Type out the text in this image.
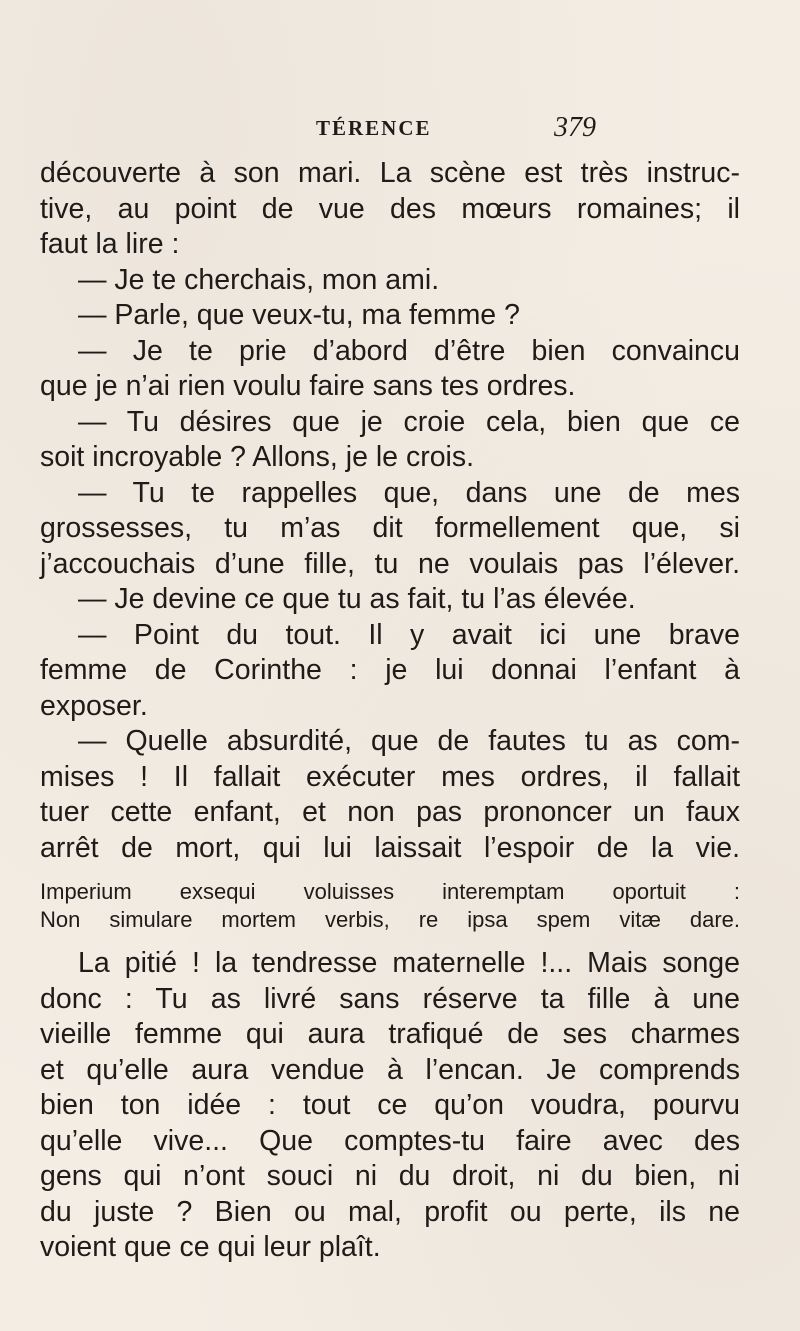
TÉRENCE	379
découverte à son mari. La scène est très instruc-
tive, au point de vue des mœurs romaines; il
faut la lire :
— Je te cherchais, mon ami.
— Parle, que veux-tu, ma femme ?
— Je te prie d’abord d’être bien convaincu
que je n’ai rien voulu faire sans tes ordres.
— Tu désires que je croie cela, bien que ce
soit incroyable ? Allons, je le crois.
— Tu te rappelles que, dans une de mes
grossesses, tu m’as dit formellement que, si
j’accouchais d’une fille, tu ne voulais pas l’élever.
— Je devine ce que tu as fait, tu l’as élevée.
— Point du tout. Il y avait ici une brave
femme de Corinthe : je lui donnai l’enfant à
exposer.
— Quelle absurdité, que de fautes tu as com-
mises ! Il fallait exécuter mes ordres, il fallait
tuer cette enfant, et non pas prononcer un faux
arrêt de mort, qui lui laissait l’espoir de la vie.
Imperium exsequi voluisses interemptam oportuit :
Non simulare mortem verbis, re ipsa spem vitæ dare.
La pitié ! la tendresse maternelle !... Mais songe
donc : Tu as livré sans réserve ta fille à une
vieille femme qui aura trafiqué de ses charmes
et qu’elle aura vendue à l’encan. Je comprends
bien ton idée : tout ce qu’on voudra, pourvu
qu’elle vive... Que comptes-tu faire avec des
gens qui n’ont souci ni du droit, ni du bien, ni
du juste ? Bien ou mal, profit ou perte, ils ne
voient que ce qui leur plaît.
